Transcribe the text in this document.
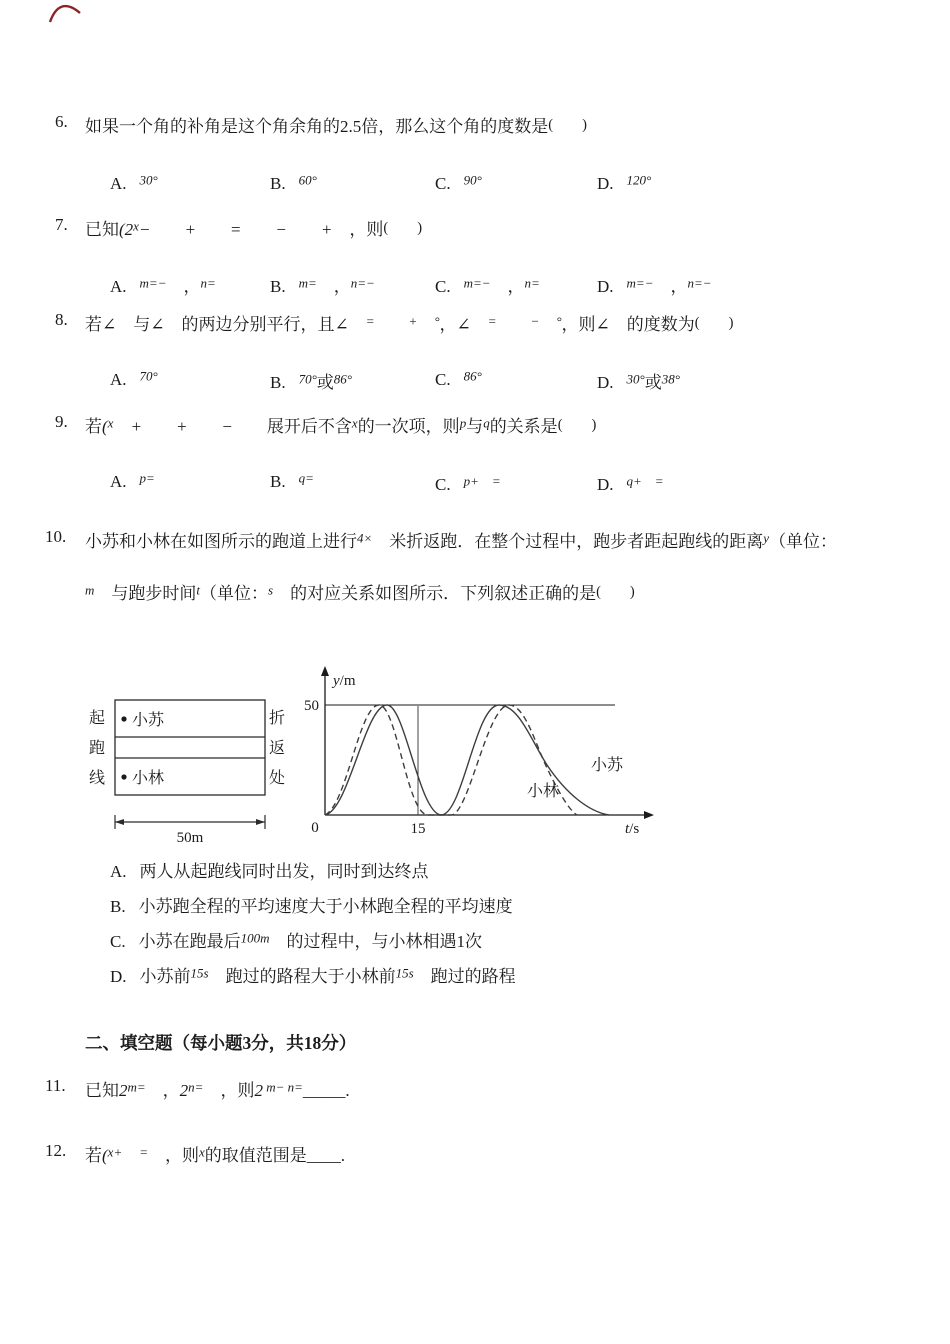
6.

如果一个角的补角是这个角余角的2.5倍，那么这个角的度数是(　　)

A. $^{30^\circ}$	B. $^{60^\circ}$	C. $^{90^\circ}$	D. $^{120^\circ}$

7.

已知($2^x-$　　 +　　 =　　 −　　 +　，则(　　)

A. $^{m=-}$　，$^{n=}$	B. $^{m=}$　，$^{n=-}$	C. $^{m=-}$　，$^{n=}$	D. $^{m=-}$　，$^{n=-}$

8.

若∠　与∠　的两边分别平行，且∠　 =　　	+　 °，∠　 =　　	−　 °，则∠　的度数为(　　)

A. $^{70^\circ}$	B. $^{70^\circ}$或$^{86^\circ}$	C. $^{86^\circ}$	D. $^{30^\circ}$或$^{38^\circ}$

9.

若($^x$　 +　　 +　　 −　　 展开后不含$^x$的一次项，则$^p$与$^q$的关系是(　　)

A. $^{p=}$	B. $^{q=}$	C. $^{p+ =}$	D. $^{q+ =}$

10.

小苏和小林在如图所示的跑道上进行$^{4\times}$　米折返跑．在整个过程中，跑步者距起跑线的距离$^y$（单位：

$^m$　与跑步时间$^t$（单位：$^s$　的对应关系如图所示．下列叙述正确的是(　　)

起
跑
线
小苏
小林
折
返
处
50m
y/m
50
0	15	t/s
小苏
小林

A. 两人从起跑线同时出发，同时到达终点

B. 小苏跑全程的平均速度大于小林跑全程的平均速度

C. 小苏在跑最后$^{100m}$　的过程中，与小林相遇1次

D. 小苏前$^{15s}$　跑过的路程大于小林前$^{15s}$　跑过的路程

二、填空题（每小题3分，共18分）

11.

已知$2^{m=}$　，$2^{n=}$　，则2 $^{m- n=}$_____.

12.

若($^{x+}$　 =　，则$^x$的取值范围是____.
